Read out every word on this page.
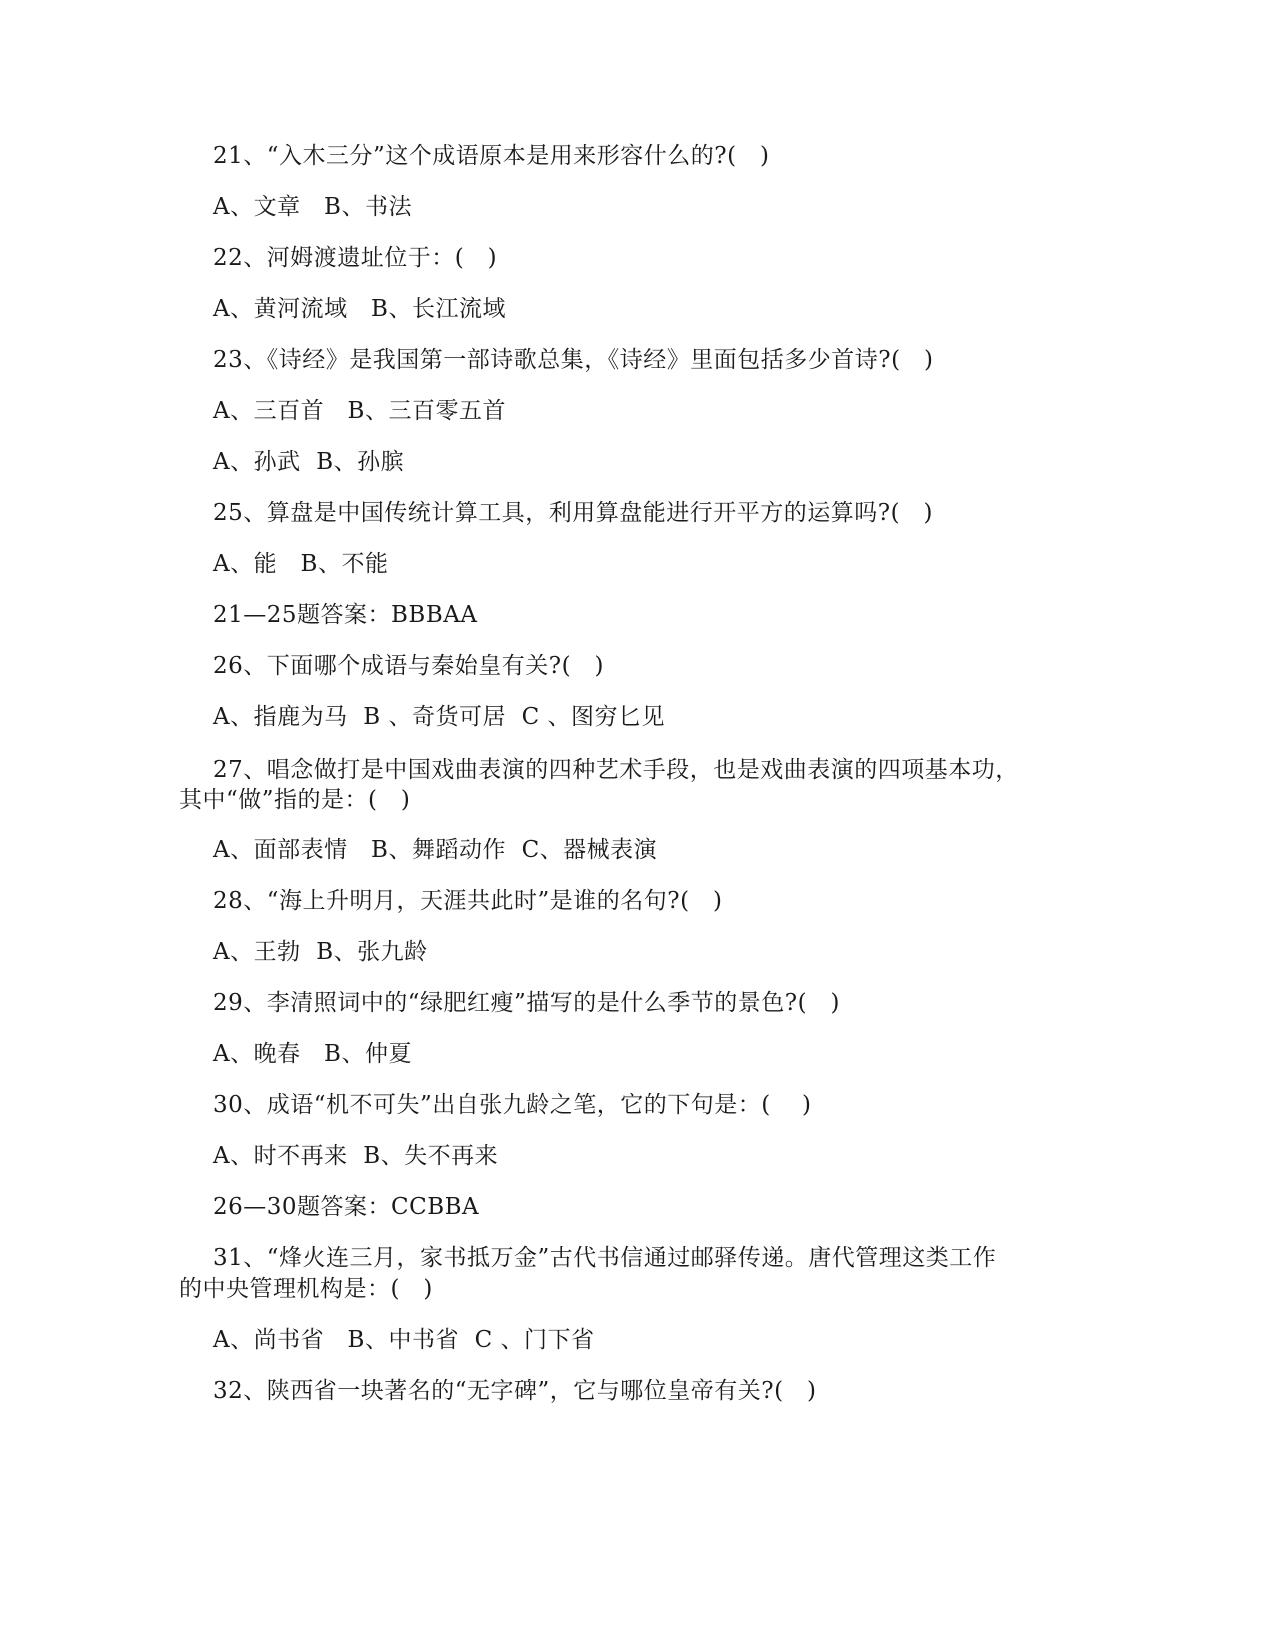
21、“入木三分”这个成语原本是用来形容什么的?(   )
A、文章   B、书法
22、河姆渡遗址位于：(   )
A、黄河流域   B、长江流域
23、《诗经》是我国第一部诗歌总集，《诗经》里面包括多少首诗?(   )
A、三百首   B、三百零五首
A、孙武  B、孙膑
25、算盘是中国传统计算工具，利用算盘能进行开平方的运算吗?(   )
A、能   B、不能
21—25题答案：BBBAA
26、下面哪个成语与秦始皇有关?(   )
A、指鹿为马  B 、奇货可居  C 、图穷匕见
27、唱念做打是中国戏曲表演的四种艺术手段，也是戏曲表演的四项基本功，
其中“做”指的是：(   )
A、面部表情   B、舞蹈动作  C、器械表演
28、“海上升明月，天涯共此时”是谁的名句?(   )
A、王勃  B、张九龄
29、李清照词中的“绿肥红瘦”描写的是什么季节的景色?(   )
A、晚春   B、仲夏
30、成语“机不可失”出自张九龄之笔，它的下句是：(    )
A、时不再来  B、失不再来
26—30题答案：CCBBA
31、“烽火连三月，家书抵万金”古代书信通过邮驿传递。唐代管理这类工作
的中央管理机构是：(   )
A、尚书省   B、中书省  C 、门下省
32、陕西省一块著名的“无字碑”，它与哪位皇帝有关?(   )
